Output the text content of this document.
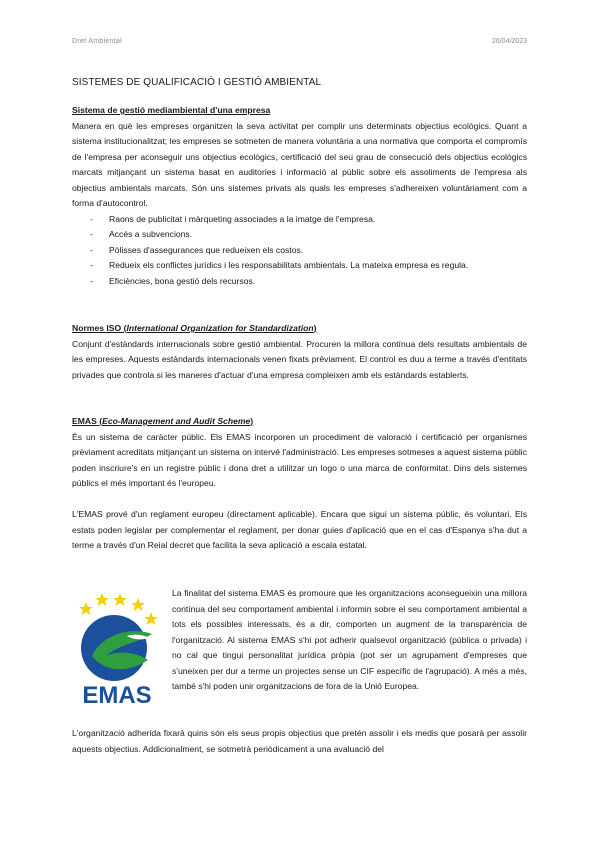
Dret Ambiental	26/04/2023
SISTEMES DE QUALIFICACIÓ I GESTIÓ AMBIENTAL
Sistema de gestió mediambiental d'una empresa

Manera en què les empreses organitzen la seva activitat per complir uns determinats objectius ecològics. Quant a sistema institucionalitzat; les empreses se sotmeten de manera voluntària a una normativa que comporta el compromís de l'empresa per aconseguir uns objectius ecològics, certificació del seu grau de consecució dels objectius ecològics marcats mitjançant un sistema basat en auditories i informació al públic sobre els assoliments de l'empresa als objectius ambientals marcats. Són uns sistemes privats als quals les empreses s'adhereixen voluntàriament com a forma d'autocontrol.

- Raons de publicitat i màrqueting associades a la imatge de l'empresa.
- Accés a subvencions.
- Pòlisses d'assegurances que redueixen els costos.
- Redueix els conflictes jurídics i les responsabilitats ambientals. La mateixa empresa es regula.
- Eficiències, bona gestió dels recursos.
Normes ISO (International Organization for Standardization)

Conjunt d'estàndards internacionals sobre gestió ambiental. Procuren la millora contínua dels resultats ambientals de les empreses. Aquests estàndards internacionals venen fixats prèviament. El control es duu a terme a través d'entitats privades que controla si les maneres d'actuar d'una empresa compleixen amb els estàndards establerts.

EMAS (Eco-Management and Audit Scheme)

És un sistema de caràcter públic. Els EMAS incorporen un procediment de valoració i certificació per organismes prèviament acreditats mitjançant un sistema on intervé l'administració. Les empreses sotmeses a aquest sistema públic poden inscriure's en un registre públic i dona dret a utilitzar un logo o una marca de conformitat. Dins dels sistemes públics el més important és l'europeu.

L'EMAS prové d'un reglament europeu (directament aplicable). Encara que sigui un sistema públic, és voluntari. Els estats poden legislar per complementar el reglament, per donar guies d'aplicació que en el cas d'Espanya s'ha dut a terme a través d'un Reial decret que facilita la seva aplicació a escala estatal.

EMAS

La finalitat del sistema EMAS és promoure que les organitzacions aconsegueixin una millora contínua del seu comportament ambiental i informin sobre el seu comportament ambiental a tots els possibles interessats, és a dir, comporten un augment de la transparència de l'organització. Al sistema EMAS s'hi pot adherir qualsevol organització (pública o privada) i no cal que tingui personalitat jurídica pròpia (pot ser un agrupament d'empreses que s'uneixen per dur a terme un projectes sense un CIF específic de l'agrupació). A més a més, també s'hi poden unir organitzacions de fora de la Unió Europea.

L'organització adherida fixarà quins són els seus propis objectius que pretén assolir i els medis que posarà per assolir aquests objectius. Addicionalment, se sotmetrà periòdicament a una avaluació del
